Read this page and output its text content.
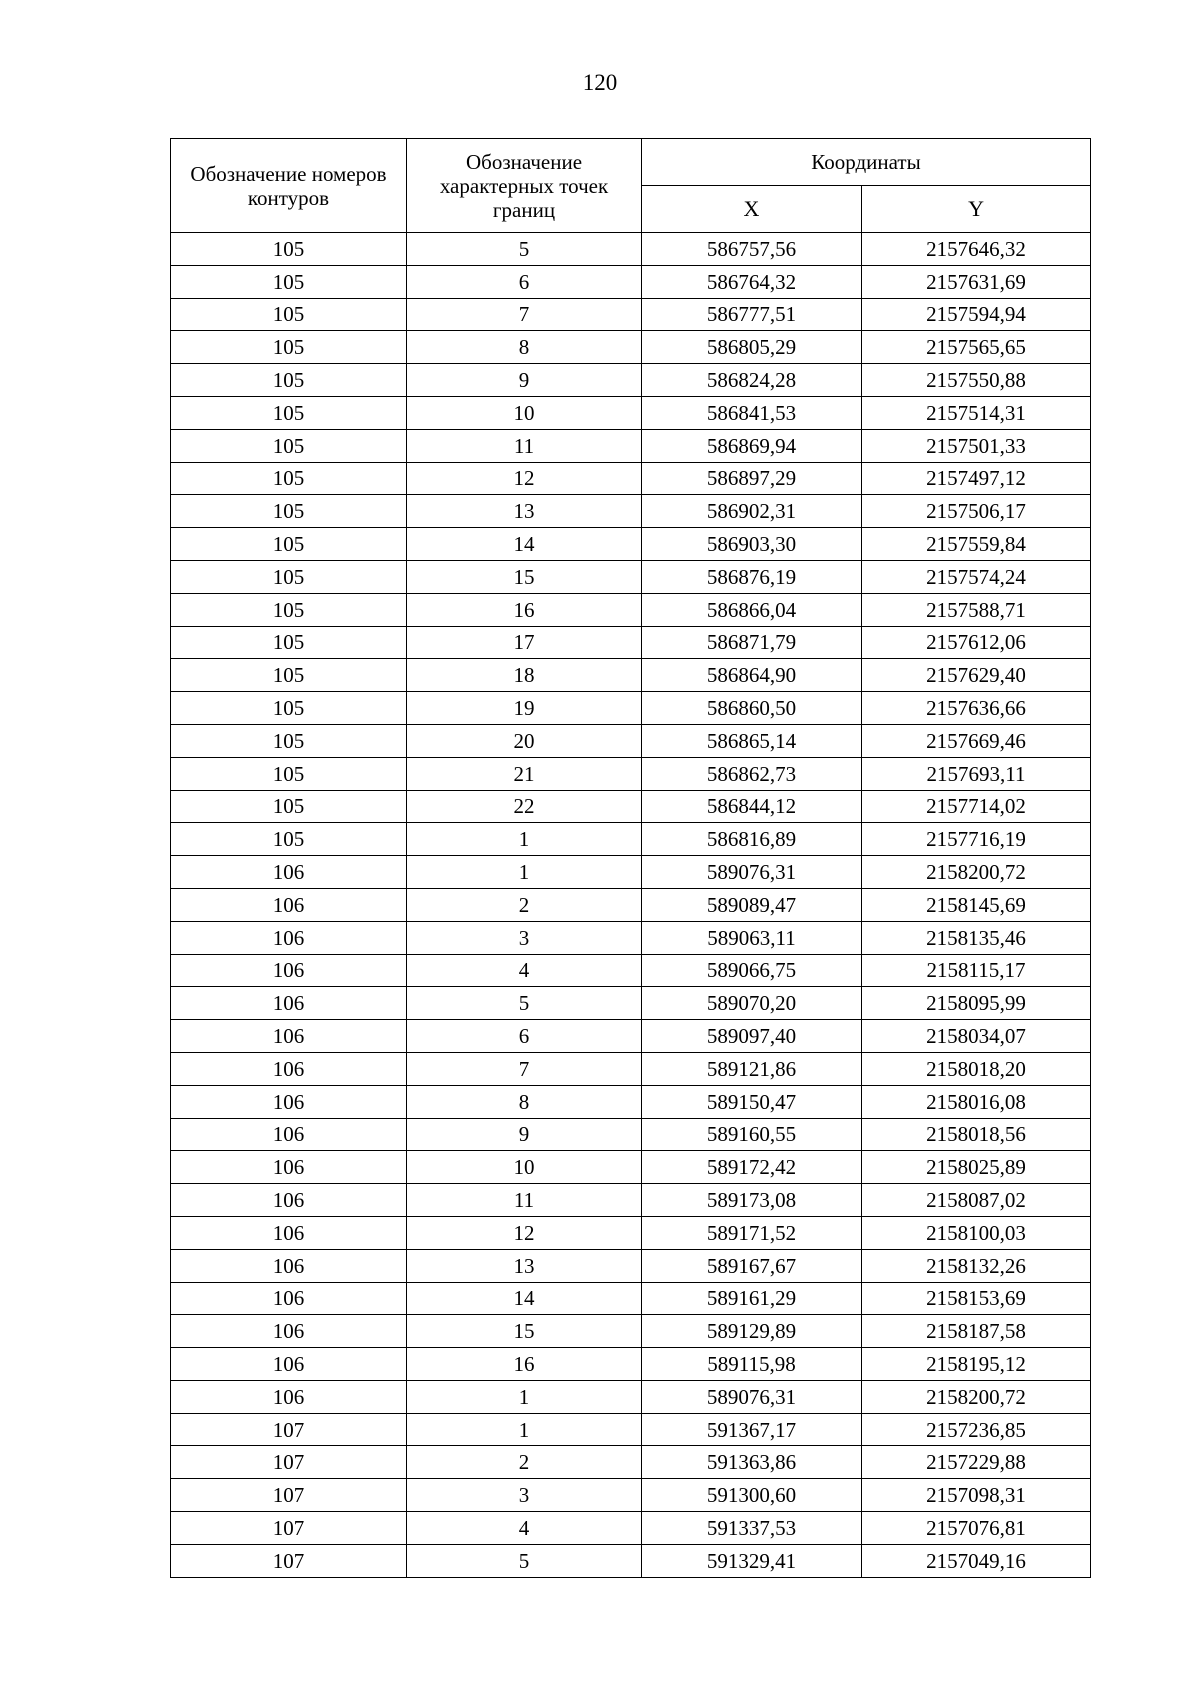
120
Обозначение номеров контуров	Обозначение характерных точек границ	Координаты	
		X	Y
105	5	586757,56	2157646,32
105	6	586764,32	2157631,69
105	7	586777,51	2157594,94
105	8	586805,29	2157565,65
105	9	586824,28	2157550,88
105	10	586841,53	2157514,31
105	11	586869,94	2157501,33
105	12	586897,29	2157497,12
105	13	586902,31	2157506,17
105	14	586903,30	2157559,84
105	15	586876,19	2157574,24
105	16	586866,04	2157588,71
105	17	586871,79	2157612,06
105	18	586864,90	2157629,40
105	19	586860,50	2157636,66
105	20	586865,14	2157669,46
105	21	586862,73	2157693,11
105	22	586844,12	2157714,02
105	1	586816,89	2157716,19
106	1	589076,31	2158200,72
106	2	589089,47	2158145,69
106	3	589063,11	2158135,46
106	4	589066,75	2158115,17
106	5	589070,20	2158095,99
106	6	589097,40	2158034,07
106	7	589121,86	2158018,20
106	8	589150,47	2158016,08
106	9	589160,55	2158018,56
106	10	589172,42	2158025,89
106	11	589173,08	2158087,02
106	12	589171,52	2158100,03
106	13	589167,67	2158132,26
106	14	589161,29	2158153,69
106	15	589129,89	2158187,58
106	16	589115,98	2158195,12
106	1	589076,31	2158200,72
107	1	591367,17	2157236,85
107	2	591363,86	2157229,88
107	3	591300,60	2157098,31
107	4	591337,53	2157076,81
107	5	591329,41	2157049,16
